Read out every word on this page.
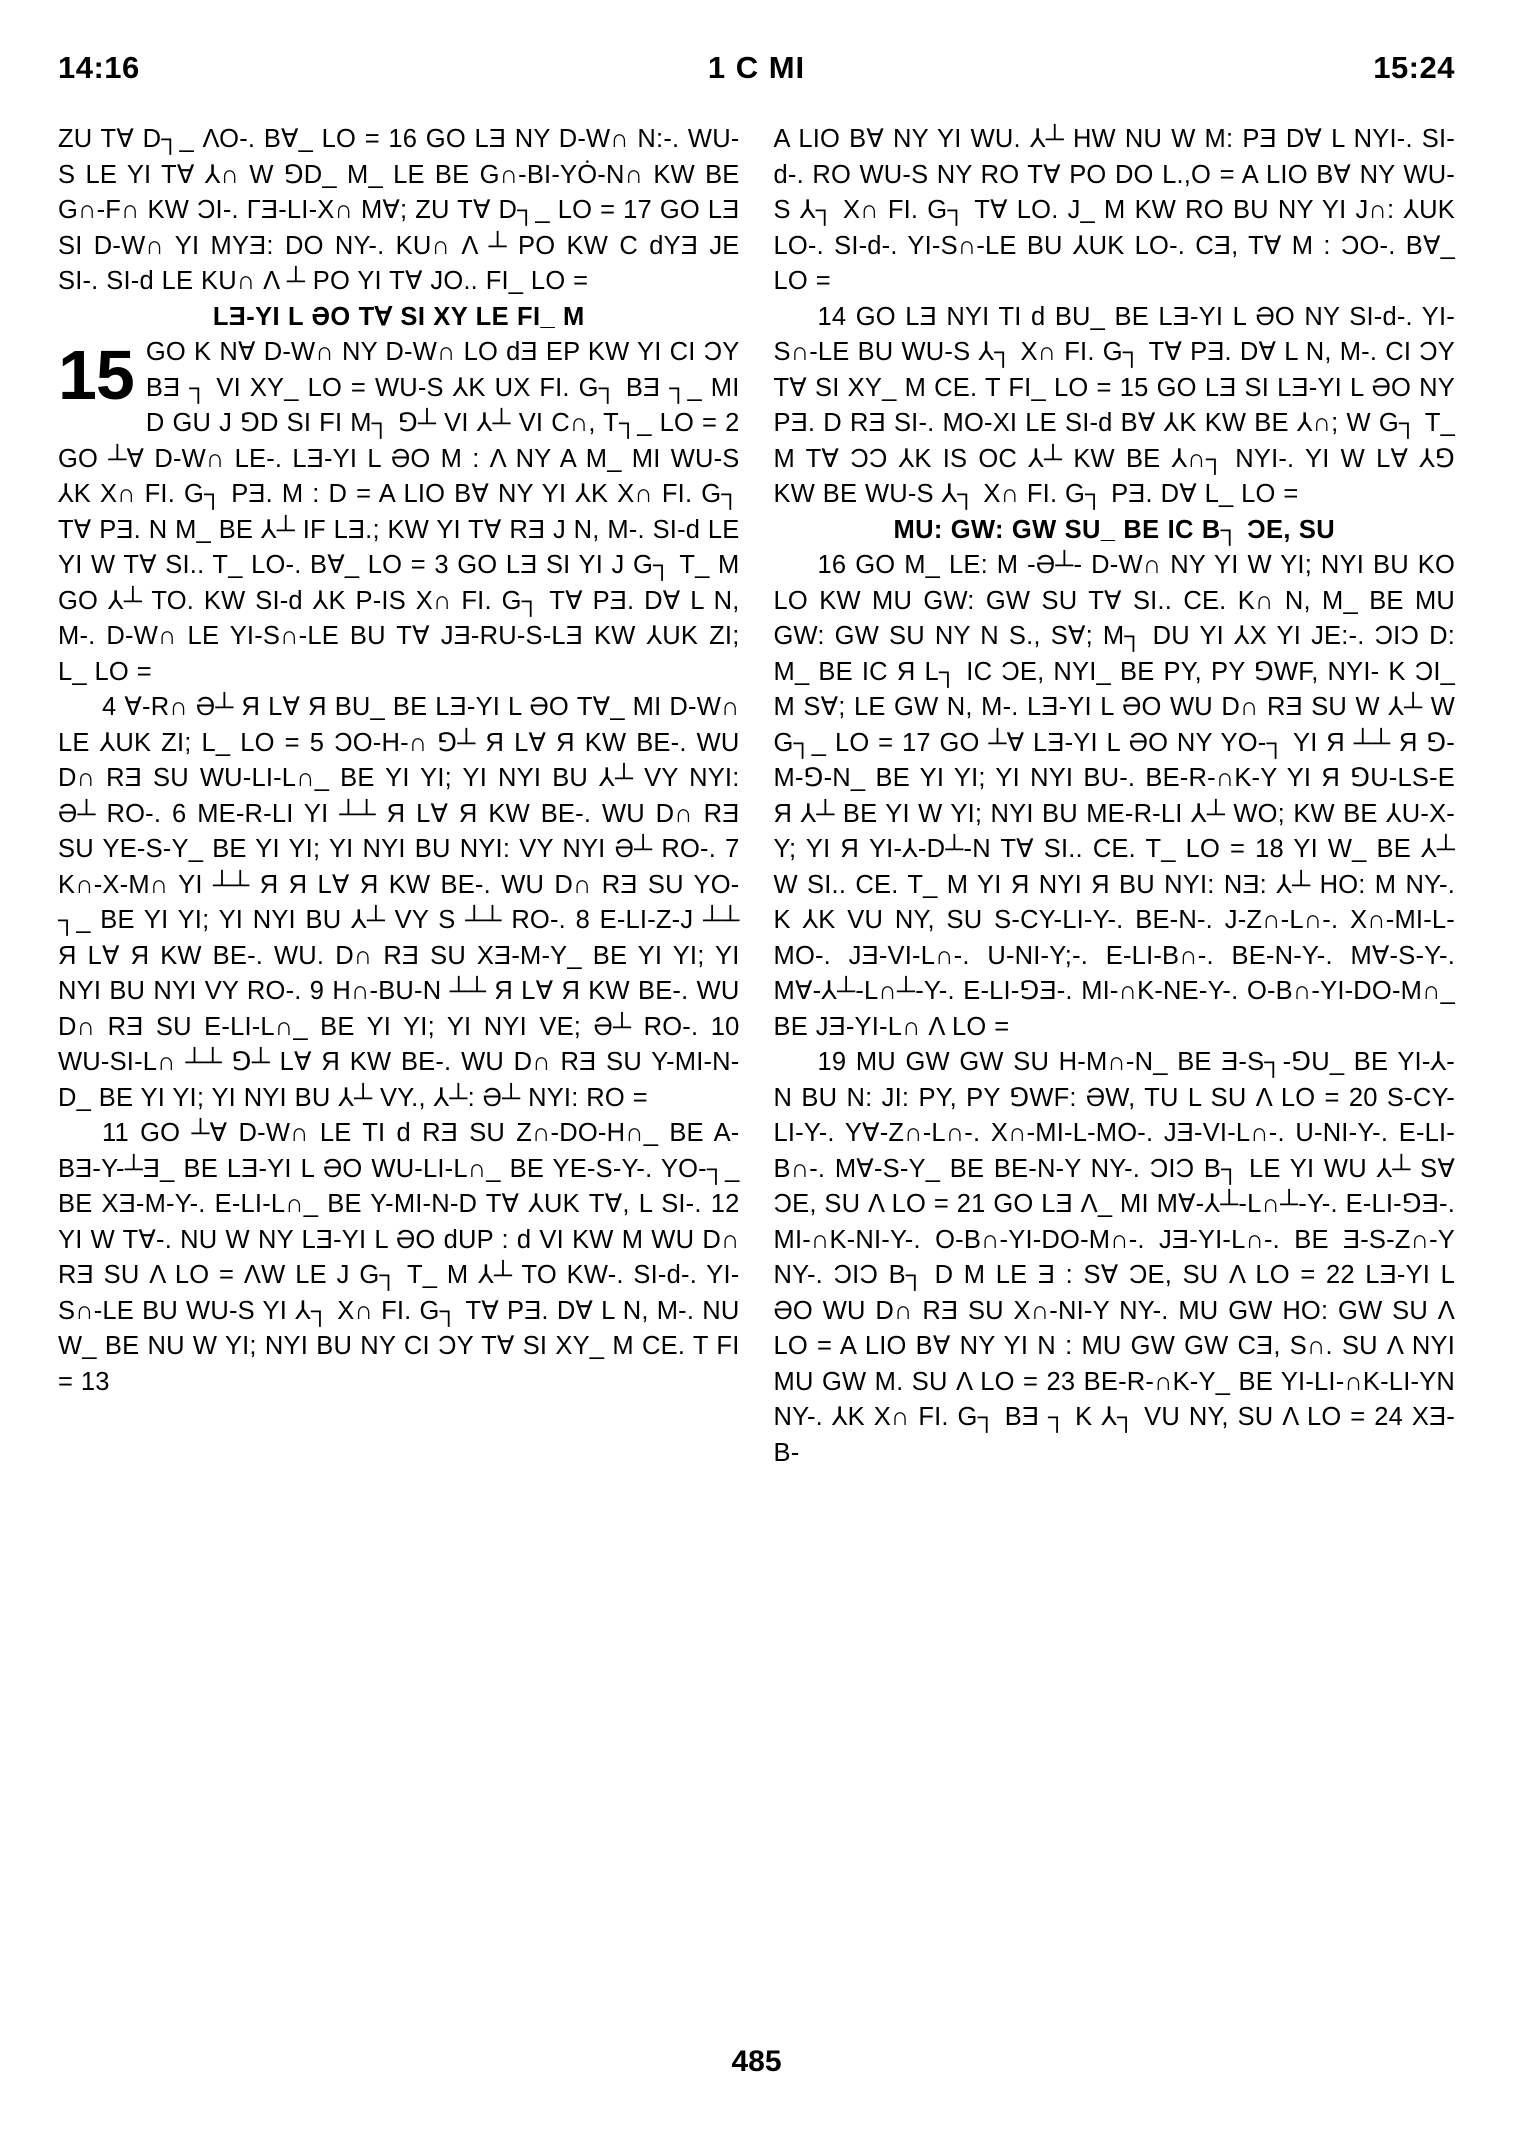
14:16	1 C MI	15:24

ZU T∀ D┐_ ΛΟ-. B∀_ LO = 16 GO LƎ NY D-W∩ N:-. WU-S LE YI T∀ ⅄∩ W ⅁D_ M_ LE BE G∩-BI-YȮ-N∩ KW BE G∩-F∩ KW ƆI-. ΓƎ-LI-X∩ M∀; ZU T∀ D┐_ LO = 17 GO LƎ SI D-W∩ YI MYƎ: DO NY-. KU∩ Λ ┴ PO KW C dYƎ JE SI-. SI-d LE KU∩ Λ ┴ PO YI T∀ JO.. FI_ LO =

LƎ-YI L ƏΟ T∀ SI XY LE FI_ M

15 GO K N∀ D-W∩ NY D-W∩ LO dƎ EP KW YI CI ƆY BƎ ┐ VI XY_ LO = WU-S ⅄Κ UX FI. G┐ BƎ ┐_ MI D GU J ⅁D SI FI M┐ ⅁┴ VI ⅄┴ VI C∩, T┐_ LO = 2 GO ┴∀ D-W∩ LE-. LƎ-YI L ƏΟ M : Λ NY A M_ MI WU-S ⅄Κ X∩ FI. G┐ PƎ. M : D = A LIO B∀ NY YI ⅄Κ X∩ FI. G┐ T∀ PƎ. N M_ BE ⅄┴ IF LƎ.; KW YI T∀ RƎ J N, M-. SI-d LE YI W T∀ SI.. T_ LO-. B∀_ LO = 3 GO LƎ SI YI J G┐ T_ M GO ⅄┴ TO. KW SI-d ⅄Κ P-IS X∩ FI. G┐ T∀ PƎ. D∀ L N, M-. D-W∩ LE YI-S∩-LE BU T∀ JƎ-RU-S-LƎ KW ⅄UΚ ZI; L_ LO =

4 ∀-R∩ Ə┴ Я L∀ Я BU_ BE LƎ-YI L ƏΟ T∀_ MI D-W∩ LE ⅄UΚ ZI; L_ LO = 5 ƆO-H-∩ ⅁┴ Я L∀ Я KW BE-. WU D∩ RƎ SU WU-LI-L∩_ BE YI YI; YI NYI BU ⅄┴ VY NYI: Ə┴ RO-. 6 ME-R-LI YI ┴┴ Я L∀ Я KW BE-. WU D∩ RƎ SU YE-S-Y_ BE YI YI; YI NYI BU NYI: VY NYI Ə┴ RO-. 7 K∩-X-M∩ YI ┴┴ Я Я L∀ Я KW BE-. WU D∩ RƎ SU YO-┐_ BE YI YI; YI NYI BU ⅄┴ VY S ┴┴ RO-. 8 E-LI-Z-J ┴┴ Я L∀ Я KW BE-. WU. D∩ RƎ SU XƎ-M-Y_ BE YI YI; YI NYI BU NYI VY RO-. 9 H∩-BU-N ┴┴ Я L∀ Я KW BE-. WU D∩ RƎ SU E-LI-L∩_ BE YI YI; YI NYI VE; Ə┴ RO-. 10 WU-SI-L∩ ┴┴ ⅁┴ L∀ Я KW BE-. WU D∩ RƎ SU Y-MI-N-D_ BE YI YI; YI NYI BU ⅄┴ VY., ⅄┴: Ə┴ NYI: RO =

11 GO ┴∀ D-W∩ LE TI d RƎ SU Z∩-DO-H∩_ BE A-BƎ-Y-┴Ǝ_ BE LƎ-YI L ƏΟ WU-LI-L∩_ BE YE-S-Y-. YO-┐_ BE XƎ-M-Y-. E-LI-L∩_ BE Y-MI-N-D T∀ ⅄UΚ T∀, L SI-. 12 YI W T∀-. NU W NY LƎ-YI L ƏΟ dUP : d VI KW M WU D∩ RƎ SU Λ LO = ΛW LE J G┐ T_ M ⅄┴ TO KW-. SI-d-. YI-S∩-LE BU WU-S YI ⅄┐ X∩ FI. G┐ T∀ PƎ. D∀ L N, M-. NU W_ BE NU W YI; NYI BU NY CI ƆY T∀ SI XY_ M CE. T FI = 13

A LIO B∀ NY YI WU. ⅄┴ HW NU W M: PƎ D∀ L NYI-. SI-d-. RO WU-S NY RO T∀ PO DO L.,O = A LIO B∀ NY WU-S ⅄┐ X∩ FI. G┐ T∀ LO. J_ M KW RO BU NY YI J∩: ⅄UΚ LO-. SI-d-. YI-S∩-LE BU ⅄UΚ LO-. CƎ, T∀ M : ƆO-. B∀_ LO =

14 GO LƎ NYI TI d BU_ BE LƎ-YI L ƏΟ NY SI-d-. YI-S∩-LE BU WU-S ⅄┐ X∩ FI. G┐ T∀ PƎ. D∀ L N, M-. CI ƆY T∀ SI XY_ M CE. T FI_ LO = 15 GO LƎ SI LƎ-YI L ƏΟ NY PƎ. D RƎ SI-. MO-XI LE SI-d B∀ ⅄Κ KW BE ⅄∩; W G┐ T_ M T∀ ƆƆ ⅄Κ IS OC ⅄┴ KW BE ⅄∩┐ NYI-. YI W L∀ ⅄⅁ KW BE WU-S ⅄┐ X∩ FI. G┐ PƎ. D∀ L_ LO =

MU: GW: GW SU_ BE IC B┐ ƆE, SU

16 GO M_ LE: M -Ə┴- D-W∩ NY YI W YI; NYI BU KO LO KW MU GW: GW SU T∀ SI.. CE. K∩ N, M_ BE MU GW: GW SU NY N S., S∀; M┐ DU YI ⅄X YI JE:-. ƆIƆ D: M_ BE IC Я L┐ IC ƆE, NYI_ BE PY, PY ⅁WF, NYI- K ƆI_ M S∀; LE GW N, M-. LƎ-YI L ƏΟ WU D∩ RƎ SU W ⅄┴ W G┐_ LO = 17 GO ┴∀ LƎ-YI L ƏΟ NY YO-┐ YI Я ┴┴ Я ⅁-M-⅁-N_ BE YI YI; YI NYI BU-. BE-R-∩K-Y YI Я ⅁U-LS-E Я ⅄┴ BE YI W YI; NYI BU ME-R-LI ⅄┴ WO; KW BE ⅄U-X-Y; YI Я YI-⅄-D┴-N T∀ SI.. CE. T_ LO = 18 YI W_ BE ⅄┴ W SI.. CE. T_ M YI Я NYI Я BU NYI: NƎ: ⅄┴ HO: M NY-. K ⅄Κ VU NY, SU S-CY-LI-Y-. BE-N-. J-Z∩-L∩-. X∩-MI-L-MO-. JƎ-VI-L∩-. U-NI-Y;-. E-LI-B∩-. BE-N-Y-. M∀-S-Y-. M∀-⅄┴-L∩┴-Y-. E-LI-⅁Ǝ-. MI-∩K-NE-Y-. O-B∩-YI-DO-M∩_ BE JƎ-YI-L∩ Λ LO =

19 MU GW GW SU H-M∩-N_ BE Ǝ-S┐-⅁U_ BE YI-⅄-N BU N: JI: PY, PY ⅁WF: ƏW, TU L SU Λ LO = 20 S-CY-LI-Y-. Y∀-Z∩-L∩-. X∩-MI-L-MO-. JƎ-VI-L∩-. U-NI-Y-. E-LI-B∩-. M∀-S-Y_ BE BE-N-Y NY-. ƆIƆ B┐ LE YI WU ⅄┴ S∀ ƆE, SU Λ LO = 21 GO LƎ Λ_ MI M∀-⅄┴-L∩┴-Y-. E-LI-⅁Ǝ-. MI-∩K-NI-Y-. O-B∩-YI-DO-M∩-. JƎ-YI-L∩-. BE Ǝ-S-Z∩-Y NY-. ƆIƆ B┐ D M LE Ǝ : S∀ ƆE, SU Λ LO = 22 LƎ-YI L ƏΟ WU D∩ RƎ SU X∩-NI-Y NY-. MU GW HO: GW SU Λ LO = A LIO B∀ NY YI N : MU GW GW CƎ, S∩. SU Λ NYI MU GW M. SU Λ LO = 23 BE-R-∩K-Y_ BE YI-LI-∩K-LI-YN NY-. ⅄Κ X∩ FI. G┐ BƎ ┐ K ⅄┐ VU NY, SU Λ LO = 24 XƎ-B-

485
